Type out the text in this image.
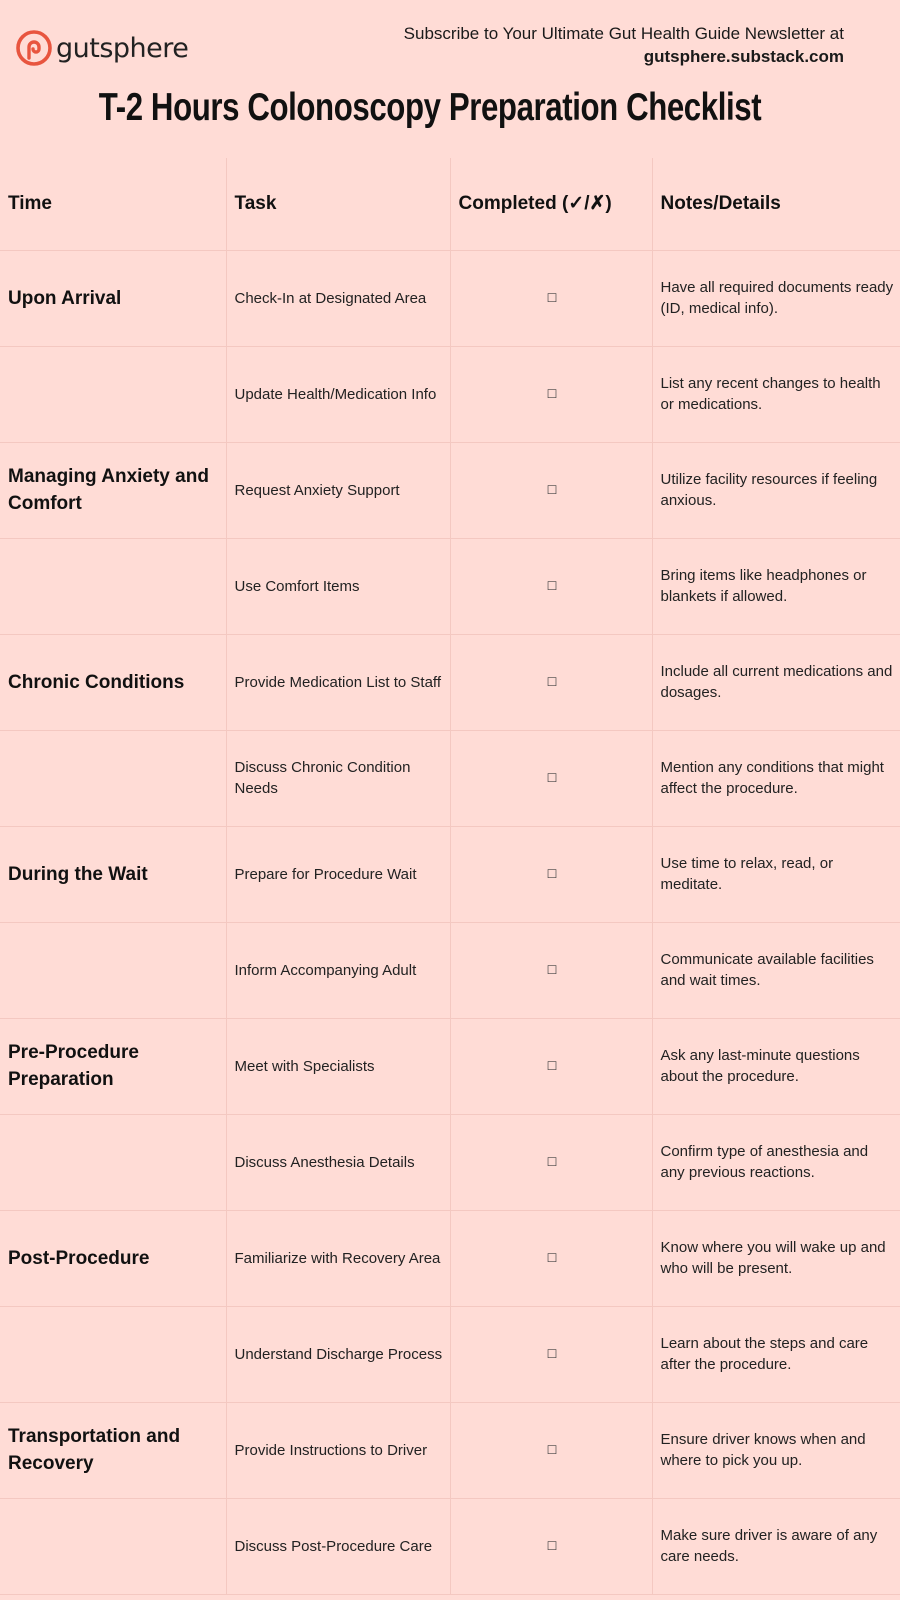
gutsphere	Subscribe to Your Ultimate Gut Health Guide Newsletter at
gutsphere.substack.com
T-2 Hours Colonoscopy Preparation Checklist
Time	Task	Completed (✓/✗)	Notes/Details
Upon Arrival	Check-In at Designated Area	☐	Have all required documents ready (ID, medical info).
	Update Health/Medication Info	☐	List any recent changes to health or medications.
Managing Anxiety and Comfort	Request Anxiety Support	☐	Utilize facility resources if feeling anxious.
	Use Comfort Items	☐	Bring items like headphones or blankets if allowed.
Chronic Conditions	Provide Medication List to Staff	☐	Include all current medications and dosages.
	Discuss Chronic Condition Needs	☐	Mention any conditions that might affect the procedure.
During the Wait	Prepare for Procedure Wait	☐	Use time to relax, read, or meditate.
	Inform Accompanying Adult	☐	Communicate available facilities and wait times.
Pre-Procedure Preparation	Meet with Specialists	☐	Ask any last-minute questions about the procedure.
	Discuss Anesthesia Details	☐	Confirm type of anesthesia and any previous reactions.
Post-Procedure	Familiarize with Recovery Area	☐	Know where you will wake up and who will be present.
	Understand Discharge Process	☐	Learn about the steps and care after the procedure.
Transportation and Recovery	Provide Instructions to Driver	☐	Ensure driver knows when and where to pick you up.
	Discuss Post-Procedure Care	☐	Make sure driver is aware of any care needs.
